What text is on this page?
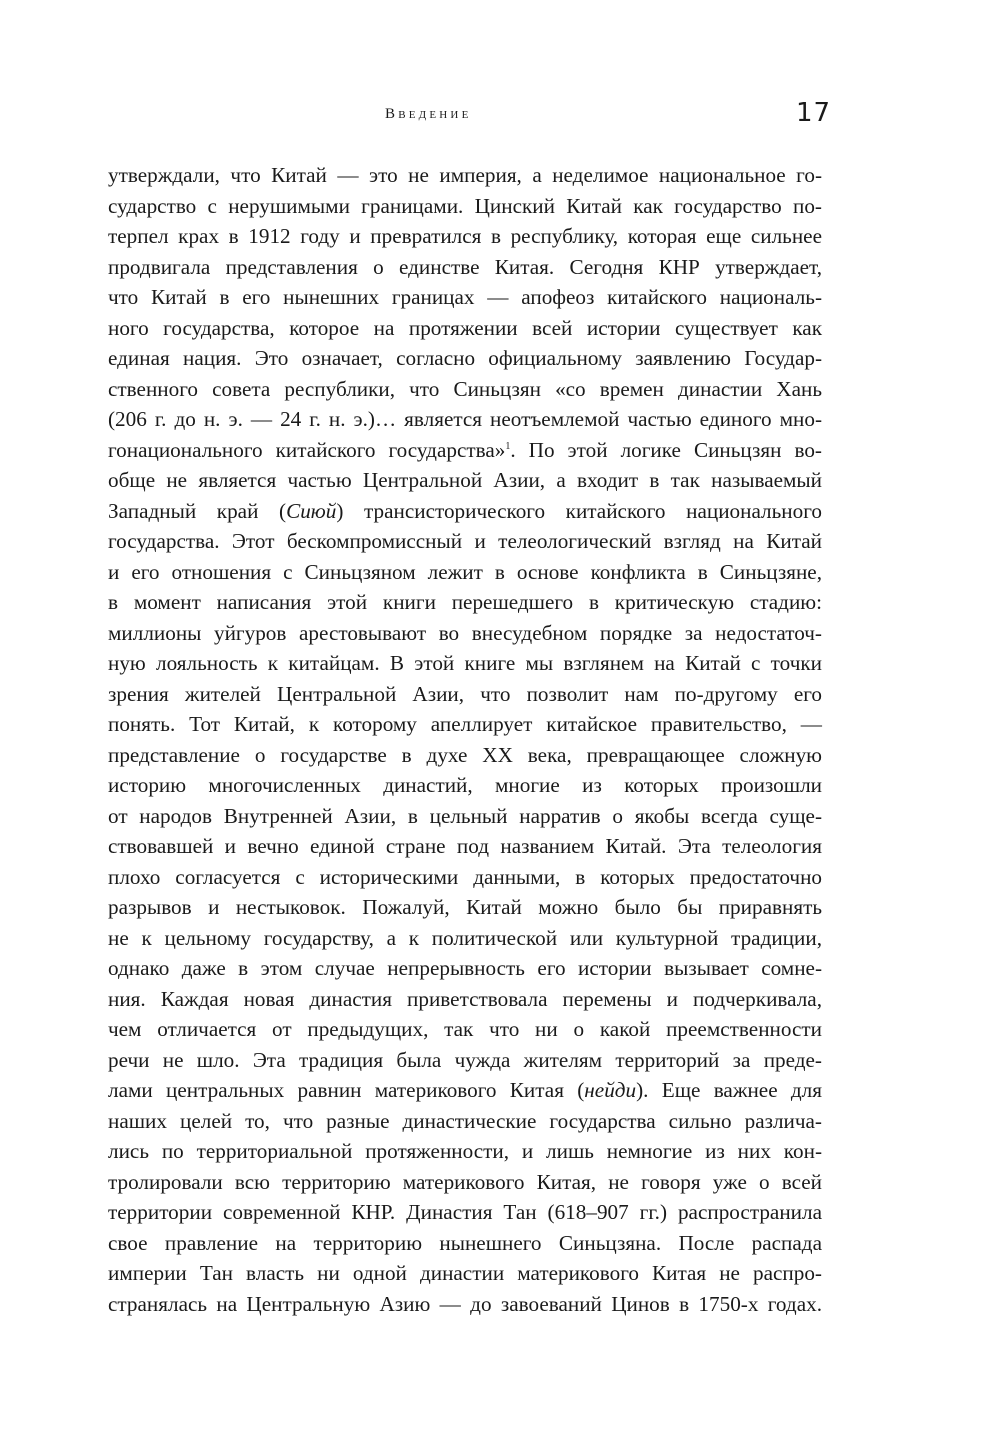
Введение	17
утверждали, что Китай — это не империя, а неделимое национальное го-
сударство с нерушимыми границами. Цинский Китай как государство по-
терпел крах в 1912 году и превратился в республику, которая еще сильнее
продвигала представления о единстве Китая. Сегодня КНР утверждает,
что Китай в его нынешних границах — апофеоз китайского националь-
ного государства, которое на протяжении всей истории существует как
единая нация. Это означает, согласно официальному заявлению Государ-
ственного совета республики, что Синьцзян «со времен династии Хань
(206 г. до н. э. — 24 г. н. э.)… является неотъемлемой частью единого мно-
гонационального китайского государства»$^1$. По этой логике Синьцзян во-
обще не является частью Центральной Азии, а входит в так называемый
Западный край (Сиюй) трансисторического китайского национального
государства. Этот бескомпромиссный и телеологический взгляд на Китай
и его отношения с Синьцзяном лежит в основе конфликта в Синьцзяне,
в момент написания этой книги перешедшего в критическую стадию:
миллионы уйгуров арестовывают во внесудебном порядке за недостаточ-
ную лояльность к китайцам. В этой книге мы взглянем на Китай с точки
зрения жителей Центральной Азии, что позволит нам по-другому его
понять. Тот Китай, к которому апеллирует китайское правительство, —
представление о государстве в духе XX века, превращающее сложную
историю многочисленных династий, многие из которых произошли
от народов Внутренней Азии, в цельный нарратив о якобы всегда суще-
ствовавшей и вечно единой стране под названием Китай. Эта телеология
плохо согласуется с историческими данными, в которых предостаточно
разрывов и нестыковок. Пожалуй, Китай можно было бы приравнять
не к цельному государству, а к политической или культурной традиции,
однако даже в этом случае непрерывность его истории вызывает сомне-
ния. Каждая новая династия приветствовала перемены и подчеркивала,
чем отличается от предыдущих, так что ни о какой преемственности
речи не шло. Эта традиция была чужда жителям территорий за преде-
лами центральных равнин материкового Китая (нейди). Еще важнее для
наших целей то, что разные династические государства сильно различа-
лись по территориальной протяженности, и лишь немногие из них кон-
тролировали всю территорию материкового Китая, не говоря уже о всей
территории современной КНР. Династия Тан (618–907 гг.) распространила
свое правление на территорию нынешнего Синьцзяна. После распада
империи Тан власть ни одной династии материкового Китая не распро-
странялась на Центральную Азию — до завоеваний Цинов в 1750-х годах.
